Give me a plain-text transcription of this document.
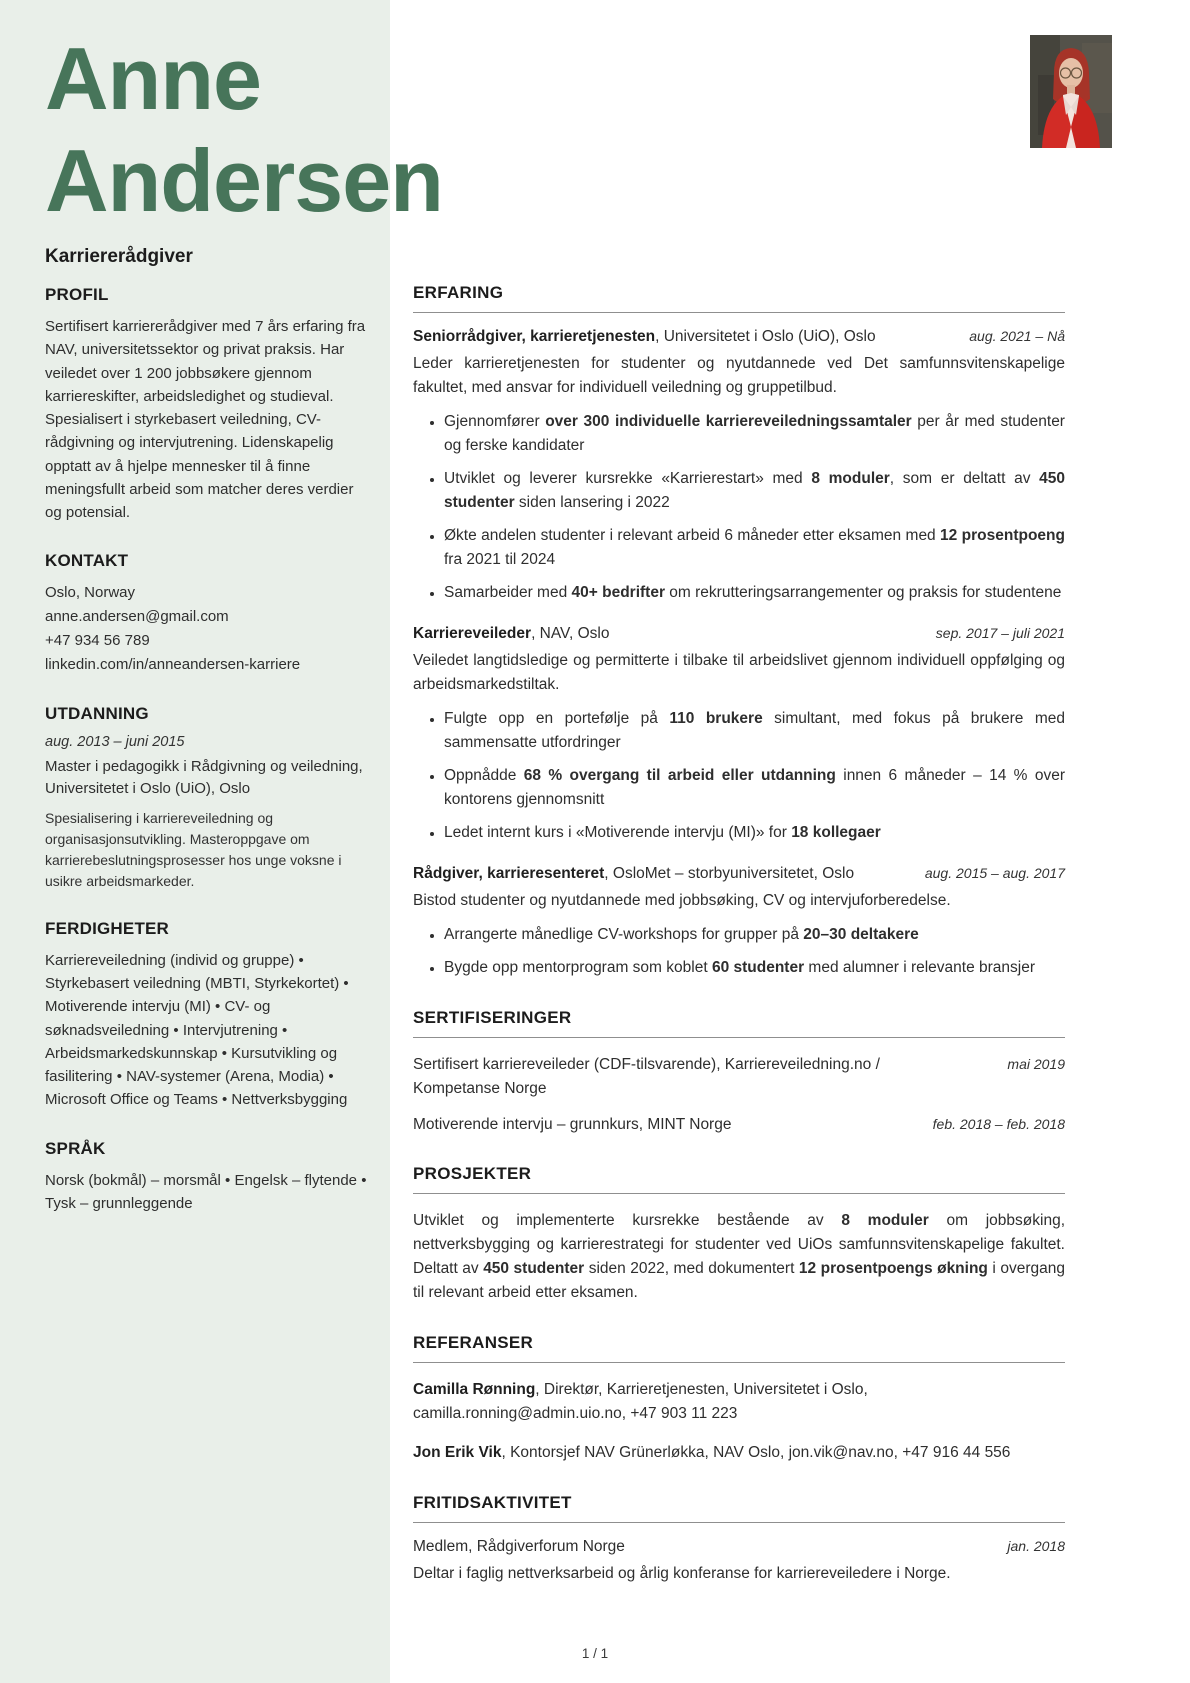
Anne
Andersen
Karriererådgiver
PROFIL
Sertifisert karriererådgiver med 7 års erfaring fra NAV, universitetssektor og privat praksis. Har veiledet over 1 200 jobbsøkere gjennom karriereskifter, arbeidsledighet og studieval. Spesialisert i styrkebasert veiledning, CV-rådgivning og intervjutrening. Lidenskapelig opptatt av å hjelpe mennesker til å finne meningsfullt arbeid som matcher deres verdier og potensial.
KONTAKT
Oslo, Norway
anne.andersen@gmail.com
+47 934 56 789
linkedin.com/in/anneandersen-karriere
UTDANNING
aug. 2013 – juni 2015
Master i pedagogikk i Rådgivning og veiledning, Universitetet i Oslo (UiO), Oslo
Spesialisering i karriereveiledning og organisasjonsutvikling. Masteroppgave om karrierebeslutningsprosesser hos unge voksne i usikre arbeidsmarkeder.
FERDIGHETER
Karriereveiledning (individ og gruppe) • Styrkebasert veiledning (MBTI, Styrkekortet) • Motiverende intervju (MI) • CV- og søknadsveiledning • Intervjutrening • Arbeidsmarkedskunnskap • Kursutvikling og fasilitering • NAV-systemer (Arena, Modia) • Microsoft Office og Teams • Nettverksbygging
SPRÅK
Norsk (bokmål) – morsmål • Engelsk – flytende • Tysk – grunnleggende
ERFARING
Seniorrådgiver, karrieretjenesten, Universitetet i Oslo (UiO), Oslo	aug. 2021 – Nå

Leder karrieretjenesten for studenter og nyutdannede ved Det samfunnsvitenskapelige fakultet, med ansvar for individuell veiledning og gruppetilbud.

• Gjennomfører over 300 individuelle karriereveiledningssamtaler per år med studenter og ferske kandidater
• Utviklet og leverer kursrekke «Karrierestart» med 8 moduler, som er deltatt av 450 studenter siden lansering i 2022
• Økte andelen studenter i relevant arbeid 6 måneder etter eksamen med 12 prosentpoeng fra 2021 til 2024
• Samarbeider med 40+ bedrifter om rekrutteringsarrangementer og praksis for studentene
Karriereveileder, NAV, Oslo	sep. 2017 – juli 2021

Veiledet langtidsledige og permitterte i tilbake til arbeidslivet gjennom individuell oppfølging og arbeidsmarkedstiltak.

• Fulgte opp en portefølje på 110 brukere simultant, med fokus på brukere med sammensatte utfordringer
• Oppnådde 68 % overgang til arbeid eller utdanning innen 6 måneder – 14 % over kontorens gjennomsnitt
• Ledet internt kurs i «Motiverende intervju (MI)» for 18 kollegaer
Rådgiver, karrieresenteret, OsloMet – storbyuniversitetet, Oslo	aug. 2015 – aug. 2017

Bistod studenter og nyutdannede med jobbsøking, CV og intervjuforberedelse.

• Arrangerte månedlige CV-workshops for grupper på 20–30 deltakere
• Bygde opp mentorprogram som koblet 60 studenter med alumner i relevante bransjer
SERTIFISERINGER
Sertifisert karriereveileder (CDF-tilsvarende), Karriereveiledning.no / Kompetanse Norge
mai 2019
Motiverende intervju – grunnkurs, MINT Norge	feb. 2018 – feb. 2018
PROSJEKTER

Utviklet og implementerte kursrekke bestående av 8 moduler om jobbsøking, nettverksbygging og karrierestrategi for studenter ved UiOs samfunnsvitenskapelige fakultet. Deltatt av 450 studenter siden 2022, med dokumentert 12 prosentpoengs økning i overgang til relevant arbeid etter eksamen.

REFERANSER

Camilla Rønning, Direktør, Karrieretjenesten, Universitetet i Oslo, camilla.ronning@admin.uio.no, +47 903 11 223

Jon Erik Vik, Kontorsjef NAV Grünerløkka, NAV Oslo, jon.vik@nav.no, +47 916 44 556

FRITIDSAKTIVITET
Medlem, Rådgiverforum Norge	jan. 2018

Deltar i faglig nettverksarbeid og årlig konferanse for karriereveiledere i Norge.

1 / 1
